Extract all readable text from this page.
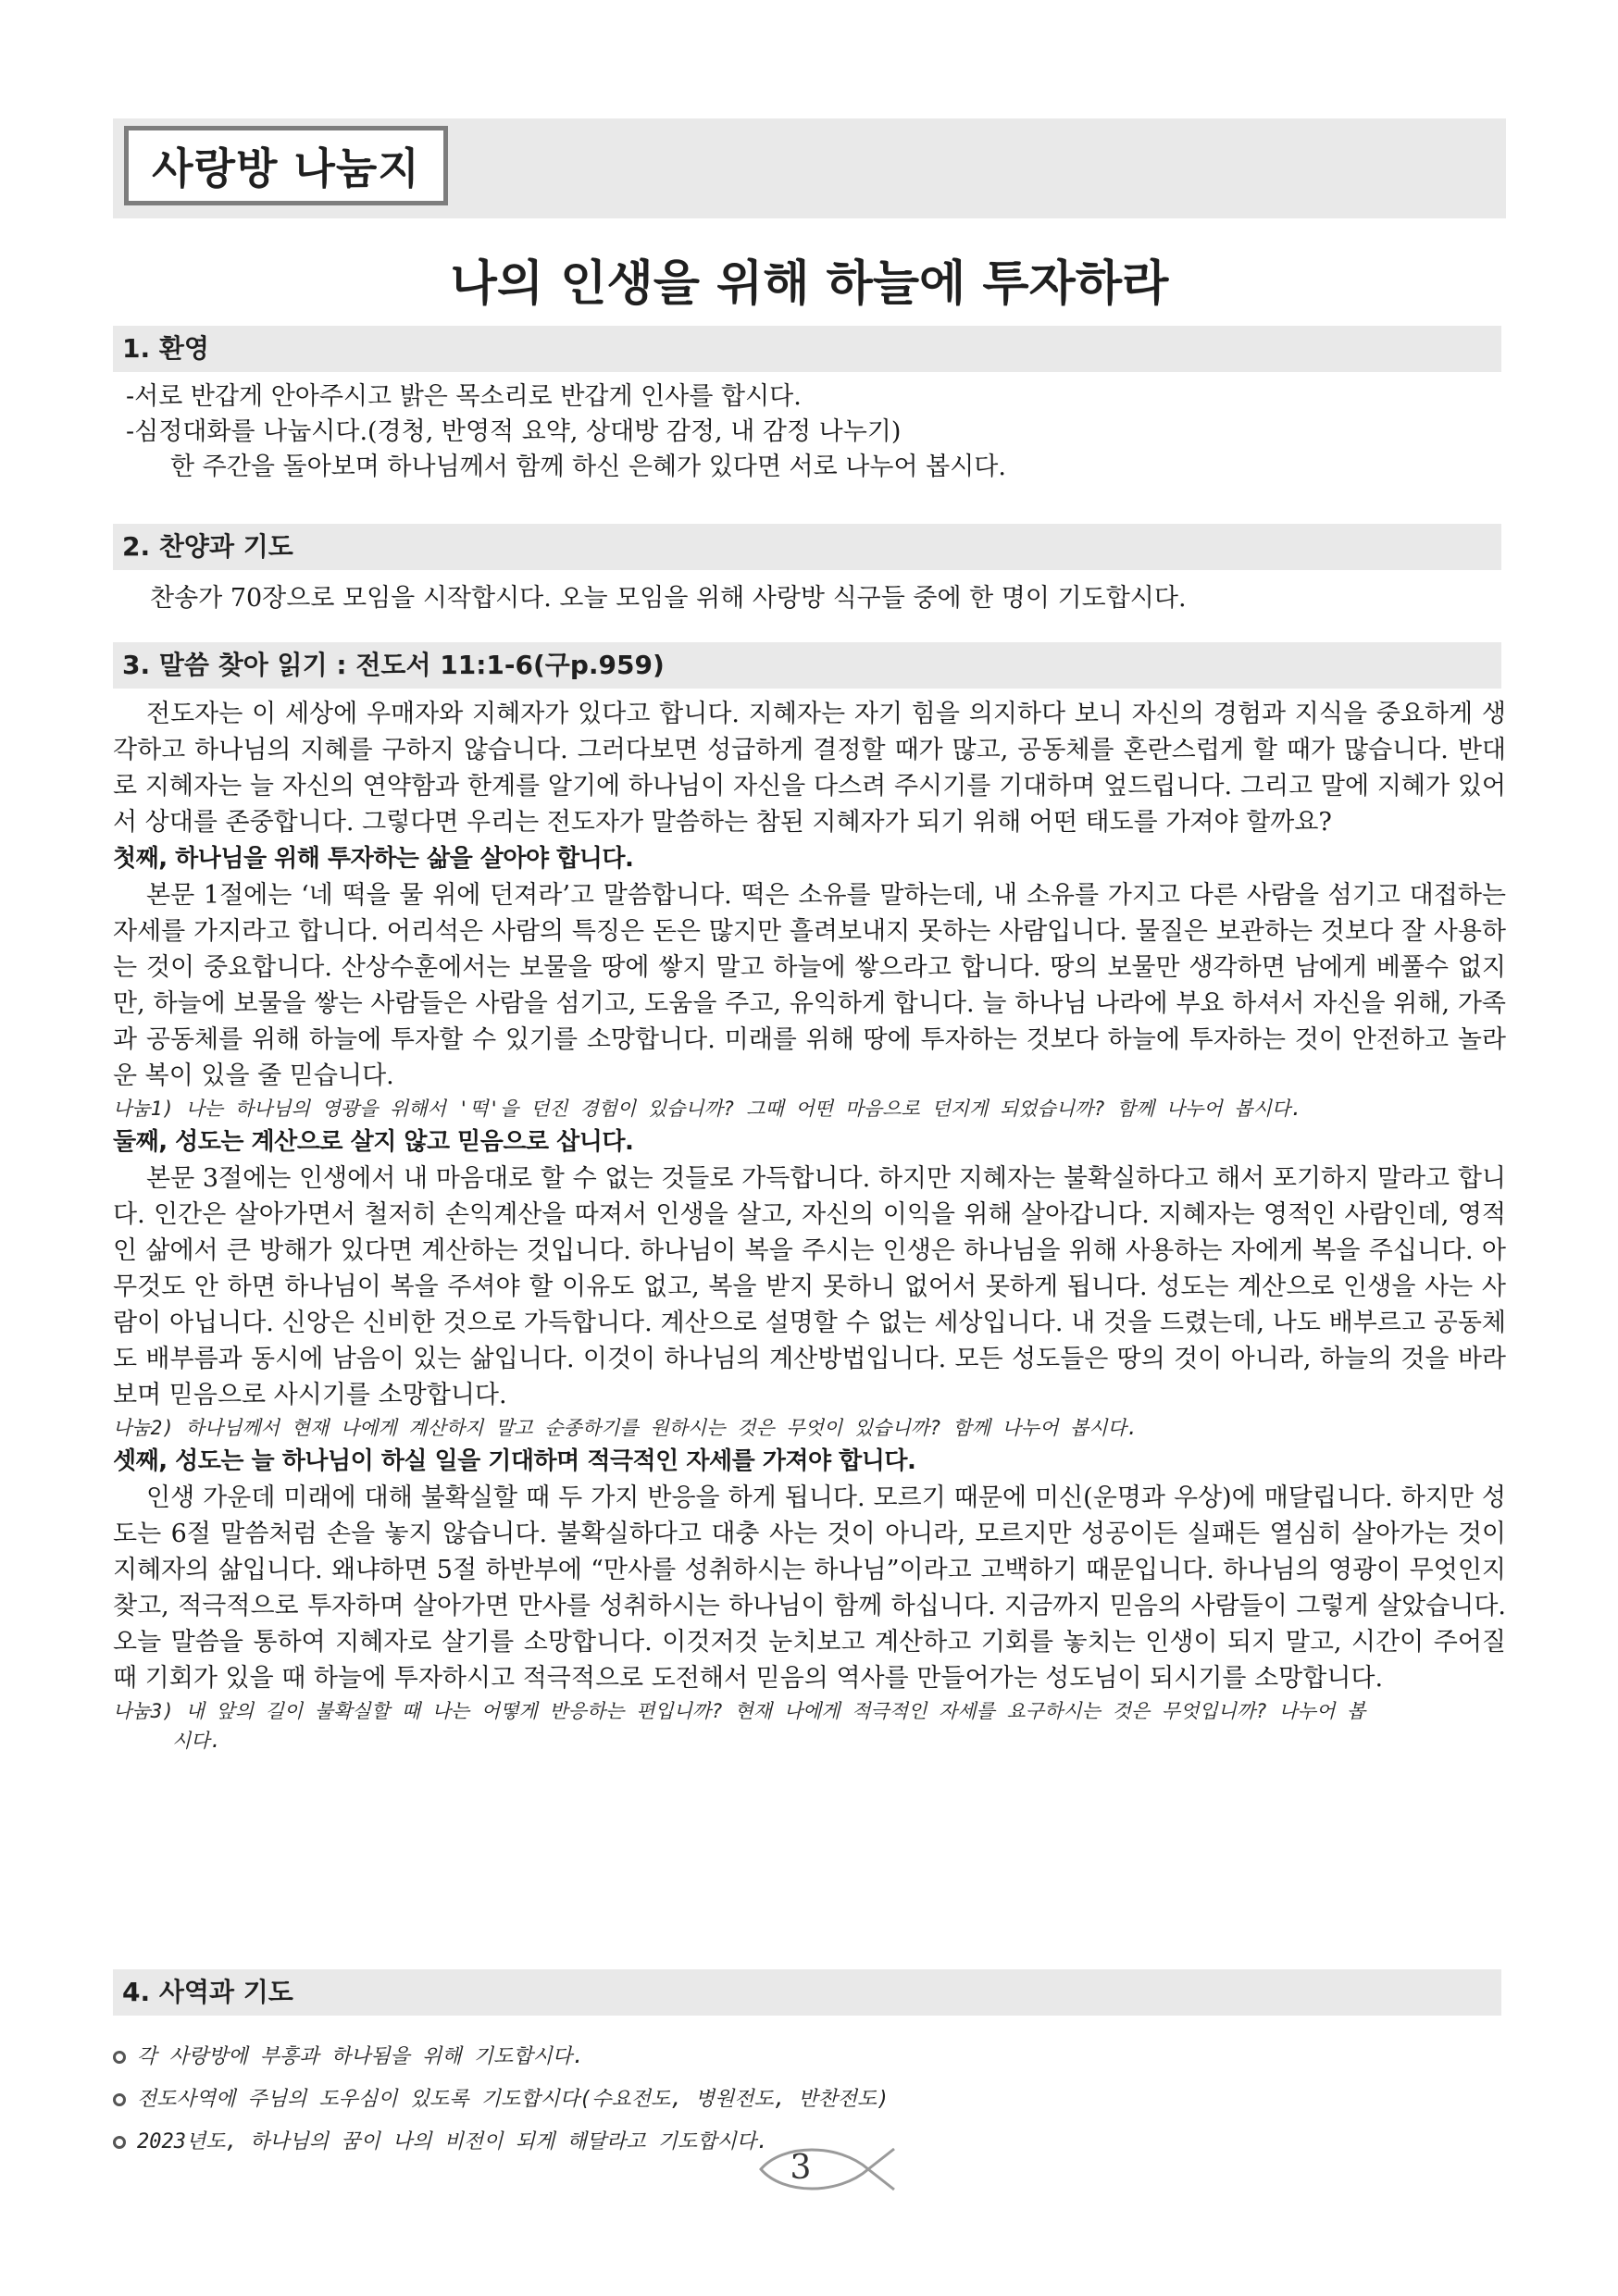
사랑방 나눔지
나의 인생을 위해 하늘에 투자하라
1. 환영
-서로 반갑게 안아주시고 밝은 목소리로 반갑게 인사를 합시다.
-심정대화를 나눕시다.(경청, 반영적 요약, 상대방 감정, 내 감정 나누기)
한 주간을 돌아보며 하나님께서 함께 하신 은혜가 있다면 서로 나누어 봅시다.
2. 찬양과 기도
찬송가 70장으로 모임을 시작합시다. 오늘 모임을 위해 사랑방 식구들 중에 한 명이 기도합시다.
3. 말씀 찾아 읽기 : 전도서 11:1-6(구p.959)
전도자는 이 세상에 우매자와 지혜자가 있다고 합니다. 지혜자는 자기 힘을 의지하다 보니 자신의 경험과 지식을 중요하게 생각하고 하나님의 지혜를 구하지 않습니다. 그러다보면 성급하게 결정할 때가 많고, 공동체를 혼란스럽게 할 때가 많습니다. 반대로 지혜자는 늘 자신의 연약함과 한계를 알기에 하나님이 자신을 다스려 주시기를 기대하며 엎드립니다. 그리고 말에 지혜가 있어서 상대를 존중합니다. 그렇다면 우리는 전도자가 말씀하는 참된 지혜자가 되기 위해 어떤 태도를 가져야 할까요?
첫째, 하나님을 위해 투자하는 삶을 살아야 합니다.
본문 1절에는 ‘네 떡을 물 위에 던져라’고 말씀합니다. 떡은 소유를 말하는데, 내 소유를 가지고 다른 사람을 섬기고 대접하는 자세를 가지라고 합니다. 어리석은 사람의 특징은 돈은 많지만 흘려보내지 못하는 사람입니다. 물질은 보관하는 것보다 잘 사용하는 것이 중요합니다. 산상수훈에서는 보물을 땅에 쌓지 말고 하늘에 쌓으라고 합니다. 땅의 보물만 생각하면 남에게 베풀수 없지만, 하늘에 보물을 쌓는 사람들은 사람을 섬기고, 도움을 주고, 유익하게 합니다. 늘 하나님 나라에 부요 하셔서 자신을 위해, 가족과 공동체를 위해 하늘에 투자할 수 있기를 소망합니다. 미래를 위해 땅에 투자하는 것보다 하늘에 투자하는 것이 안전하고 놀라운 복이 있을 줄 믿습니다.
나눔1) 나는 하나님의 영광을 위해서 '떡'을 던진 경험이 있습니까? 그때 어떤 마음으로 던지게 되었습니까? 함께 나누어 봅시다.
둘째, 성도는 계산으로 살지 않고 믿음으로 삽니다.
본문 3절에는 인생에서 내 마음대로 할 수 없는 것들로 가득합니다. 하지만 지혜자는 불확실하다고 해서 포기하지 말라고 합니다. 인간은 살아가면서 철저히 손익계산을 따져서 인생을 살고, 자신의 이익을 위해 살아갑니다. 지혜자는 영적인 사람인데, 영적인 삶에서 큰 방해가 있다면 계산하는 것입니다. 하나님이 복을 주시는 인생은 하나님을 위해 사용하는 자에게 복을 주십니다. 아무것도 안 하면 하나님이 복을 주셔야 할 이유도 없고, 복을 받지 못하니 없어서 못하게 됩니다. 성도는 계산으로 인생을 사는 사람이 아닙니다. 신앙은 신비한 것으로 가득합니다. 계산으로 설명할 수 없는 세상입니다. 내 것을 드렸는데, 나도 배부르고 공동체도 배부름과 동시에 남음이 있는 삶입니다. 이것이 하나님의 계산방법입니다. 모든 성도들은 땅의 것이 아니라, 하늘의 것을 바라보며 믿음으로 사시기를 소망합니다.
나눔2) 하나님께서 현재 나에게 계산하지 말고 순종하기를 원하시는 것은 무엇이 있습니까? 함께 나누어 봅시다.
셋째, 성도는 늘 하나님이 하실 일을 기대하며 적극적인 자세를 가져야 합니다.
인생 가운데 미래에 대해 불확실할 때 두 가지 반응을 하게 됩니다. 모르기 때문에 미신(운명과 우상)에 매달립니다. 하지만 성도는 6절 말씀처럼 손을 놓지 않습니다. 불확실하다고 대충 사는 것이 아니라, 모르지만 성공이든 실패든 열심히 살아가는 것이 지혜자의 삶입니다. 왜냐하면 5절 하반부에 “만사를 성취하시는 하나님”이라고 고백하기 때문입니다. 하나님의 영광이 무엇인지 찾고, 적극적으로 투자하며 살아가면 만사를 성취하시는 하나님이 함께 하십니다. 지금까지 믿음의 사람들이 그렇게 살았습니다. 오늘 말씀을 통하여 지혜자로 살기를 소망합니다. 이것저것 눈치보고 계산하고 기회를 놓치는 인생이 되지 말고, 시간이 주어질 때 기회가 있을 때 하늘에 투자하시고 적극적으로 도전해서 믿음의 역사를 만들어가는 성도님이 되시기를 소망합니다.
나눔3) 내 앞의 길이 불확실할 때 나는 어떻게 반응하는 편입니까? 현재 나에게 적극적인 자세를 요구하시는 것은 무엇입니까? 나누어 봅
시다.
4. 사역과 기도
각 사랑방에 부흥과 하나됨을 위해 기도합시다.
전도사역에 주님의 도우심이 있도록 기도합시다(수요전도, 병원전도, 반찬전도)
2023년도, 하나님의 꿈이 나의 비전이 되게 해달라고 기도합시다.
3
